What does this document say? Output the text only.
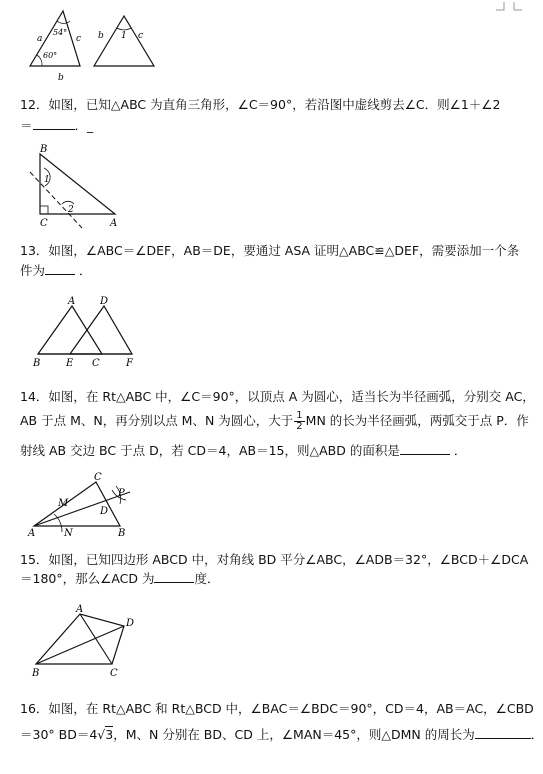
a	c
b
54°
60°
b	c
1
12．如图，已知△ABC 为直角三角形，∠C＝90°，若沿图中虚线剪去∠C．则∠1＋∠2
＝	．_
B
C	A
1
2
13．如图，∠ABC＝∠DEF，AB＝DE，要通过 ASA 证明△ABC≌△DEF，需要添加一个条
件为	．
A D
B	E C	F
14．如图，在 Rt△ABC 中，∠C＝90°，以顶点 A 为圆心，适当长为半径画弧，分别交 AC，
AB 于点 M、N，再分别以点 M、N 为圆心，大于 $\frac{1}{2}$ MN 的长为半径画弧，两弧交于点 P．作
射线 AB 交边 BC 于点 D，若 CD＝4，AB＝15，则△ABD 的面积是	．
C
M
P
D
A	N	B
15．如图，已知四边形 ABCD 中，对角线 BD 平分∠ABC，∠ADB＝32°，∠BCD＋∠DCA
＝180°，那么∠ACD 为	度．
A
D
B	C
16．如图，在 Rt△ABC 和 Rt△BCD 中，∠BAC＝∠BDC＝90°，CD＝4，AB＝AC，∠CBD
＝30° BD＝4√3，M、N 分别在 BD、CD 上，∠MAN＝45°，则△DMN 的周长为	．
